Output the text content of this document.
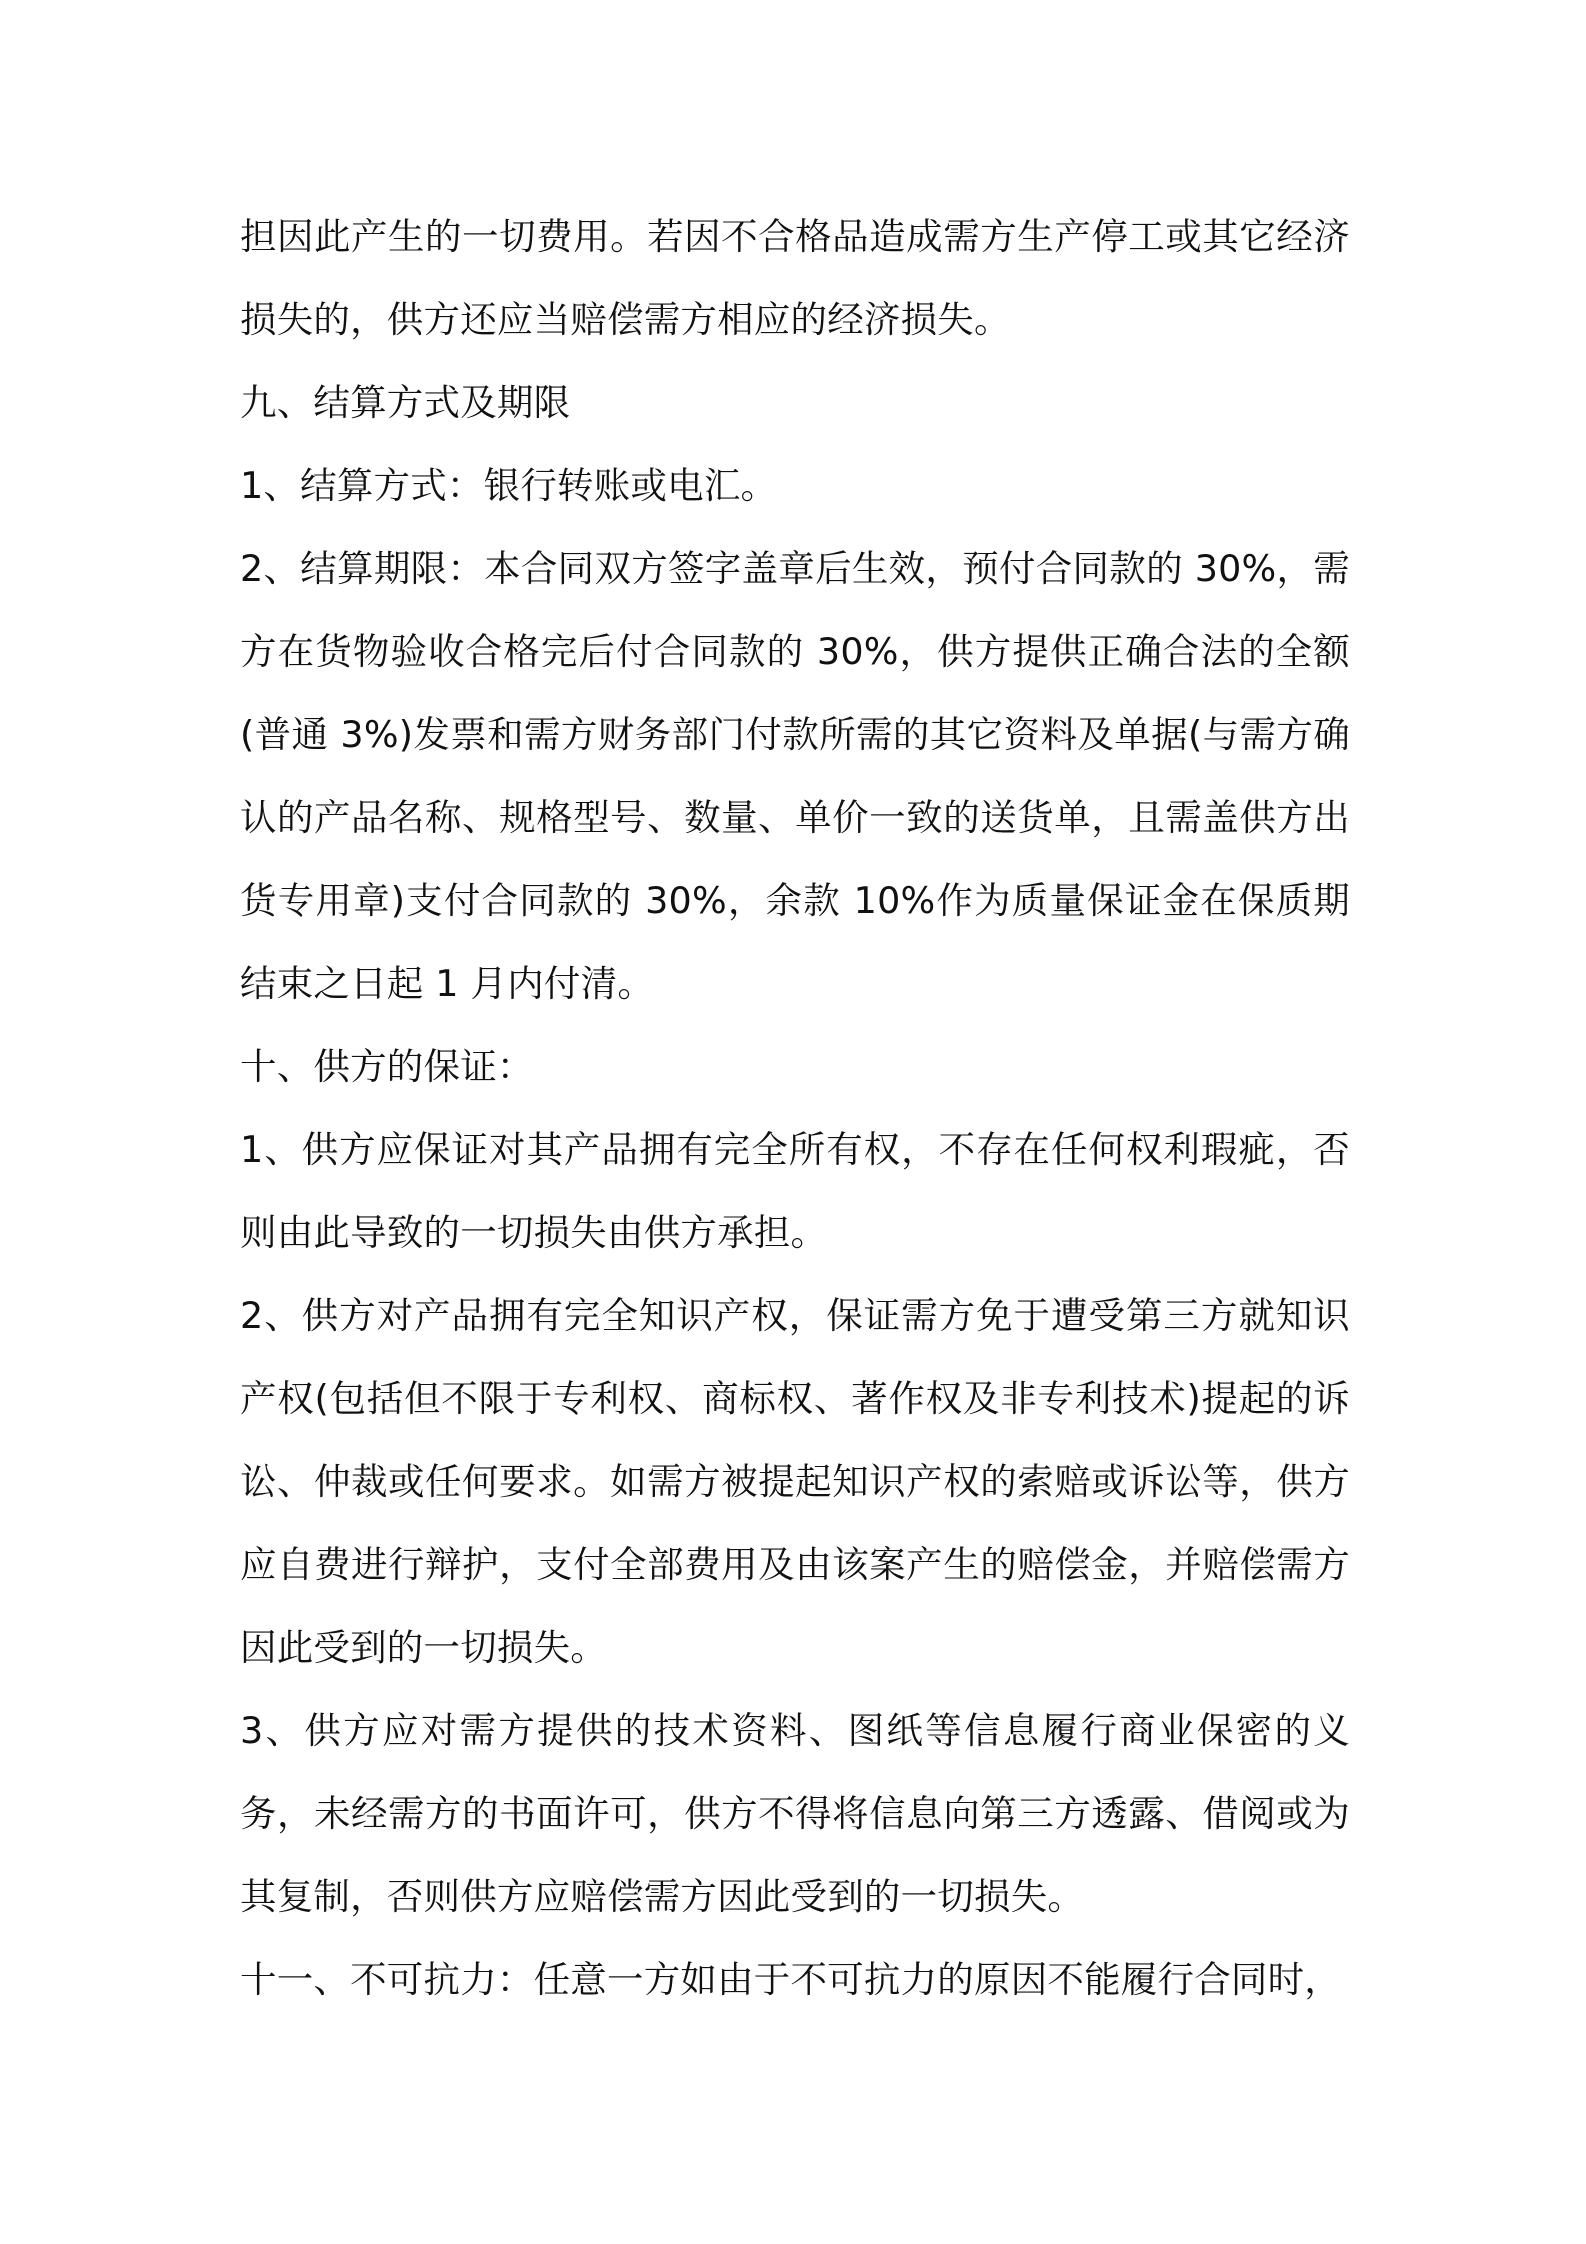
担因此产生的一切费用。若因不合格品造成需方生产停工或其它经济损失的，供方还应当赔偿需方相应的经济损失。

九、结算方式及期限

1、结算方式：银行转账或电汇。

2、结算期限：本合同双方签字盖章后生效，预付合同款的 30%，需方在货物验收合格完后付合同款的 30%，供方提供正确合法的全额(普通 3%)发票和需方财务部门付款所需的其它资料及单据(与需方确认的产品名称、规格型号、数量、单价一致的送货单，且需盖供方出货专用章)支付合同款的 30%，余款 10%作为质量保证金在保质期结束之日起 1 月内付清。

十、供方的保证：

1、供方应保证对其产品拥有完全所有权，不存在任何权利瑕疵，否则由此导致的一切损失由供方承担。

2、供方对产品拥有完全知识产权，保证需方免于遭受第三方就知识产权(包括但不限于专利权、商标权、著作权及非专利技术)提起的诉讼、仲裁或任何要求。如需方被提起知识产权的索赔或诉讼等，供方应自费进行辩护，支付全部费用及由该案产生的赔偿金，并赔偿需方因此受到的一切损失。

3、供方应对需方提供的技术资料、图纸等信息履行商业保密的义务，未经需方的书面许可，供方不得将信息向第三方透露、借阅或为其复制，否则供方应赔偿需方因此受到的一切损失。

十一、不可抗力：任意一方如由于不可抗力的原因不能履行合同时，
